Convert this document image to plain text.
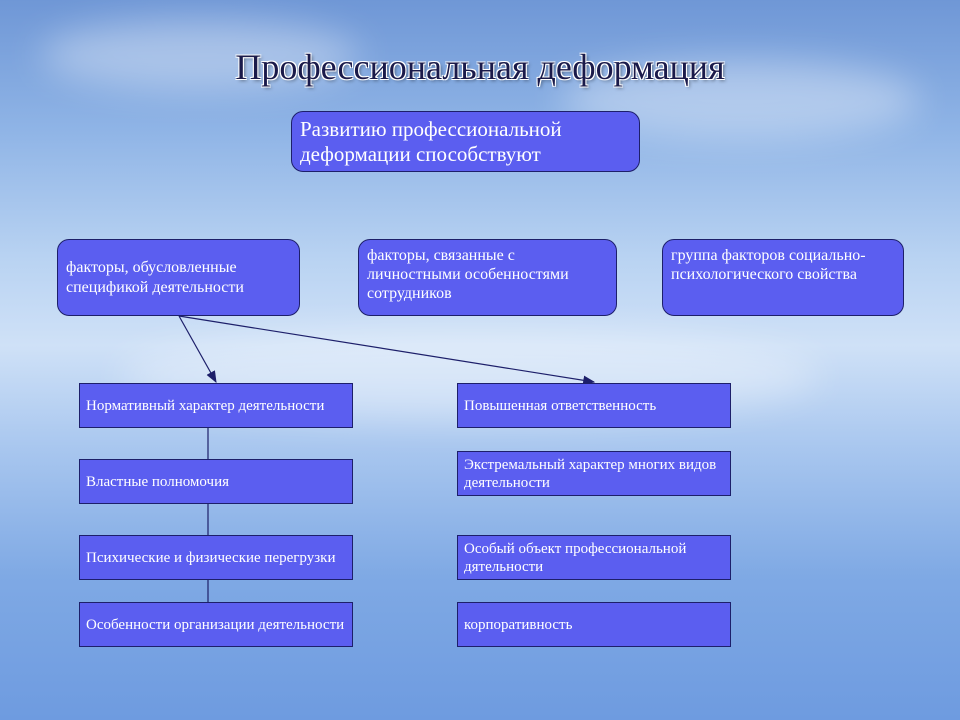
Профессиональная деформация
Развитию профессиональной деформации способствуют
факторы, обусловленные спецификой деятельности
факторы, связанные с личностными особенностями сотрудников
группа факторов социально-психологического свойства
Нормативный характер деятельности
Властные полномочия
Психические и физические перегрузки
Особенности организации деятельности
Повышенная ответственность
Экстремальный характер многих видов деятельности
Особый объект профессиональной дятельности
корпоративность
